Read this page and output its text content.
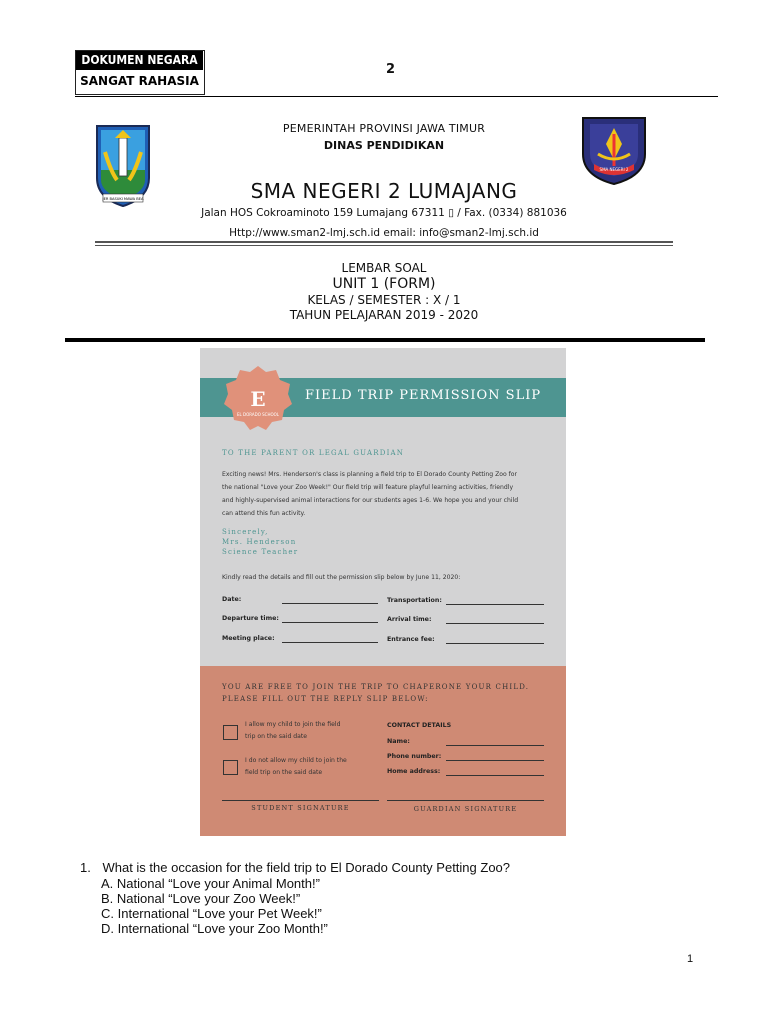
DOKUMEN NEGARA
SANGAT RAHASIA
2
JER BASUKI MAWA BEA
SMA NEGERI 2
PEMERINTAH PROVINSI JAWA TIMUR
DINAS PENDIDIKAN
SMA NEGERI 2 LUMAJANG
Jalan HOS Cokroaminoto 159 Lumajang 67311 ▯ / Fax. (0334) 881036
Http://www.sman2-lmj.sch.id email: info@sman2-lmj.sch.id
LEMBAR SOAL
UNIT 1 (FORM)
KELAS / SEMESTER : X / 1
TAHUN PELAJARAN 2019 - 2020
E
EL DORADO SCHOOL
FIELD TRIP PERMISSION SLIP
TO THE PARENT OR LEGAL GUARDIAN
Exciting news! Mrs. Henderson's class is planning a field trip to El Dorado County Petting Zoo for
the national "Love your Zoo Week!" Our field trip will feature playful learning activities, friendly
and highly-supervised animal interactions for our students ages 1-6. We hope you and your child
can attend this fun activity.
Sincerely,
Mrs. Henderson
Science Teacher
Kindly read the details and fill out the permission slip below by June 11, 2020:
Date:
Departure time:
Meeting place:
Transportation:
Arrival time:
Entrance fee:
YOU ARE FREE TO JOIN THE TRIP TO CHAPERONE YOUR CHILD.
PLEASE FILL OUT THE REPLY SLIP BELOW:
I allow my child to join the field
trip on the said date
I do not allow my child to join the
field trip on the said date
CONTACT DETAILS
Name:
Phone number:
Home address:
STUDENT SIGNATURE	GUARDIAN SIGNATURE
1. What is the occasion for the field trip to El Dorado County Petting Zoo?
A. National “Love your Animal Month!”
B. National “Love your Zoo Week!”
C. International “Love your Pet Week!”
D. International “Love your Zoo Month!”
1
